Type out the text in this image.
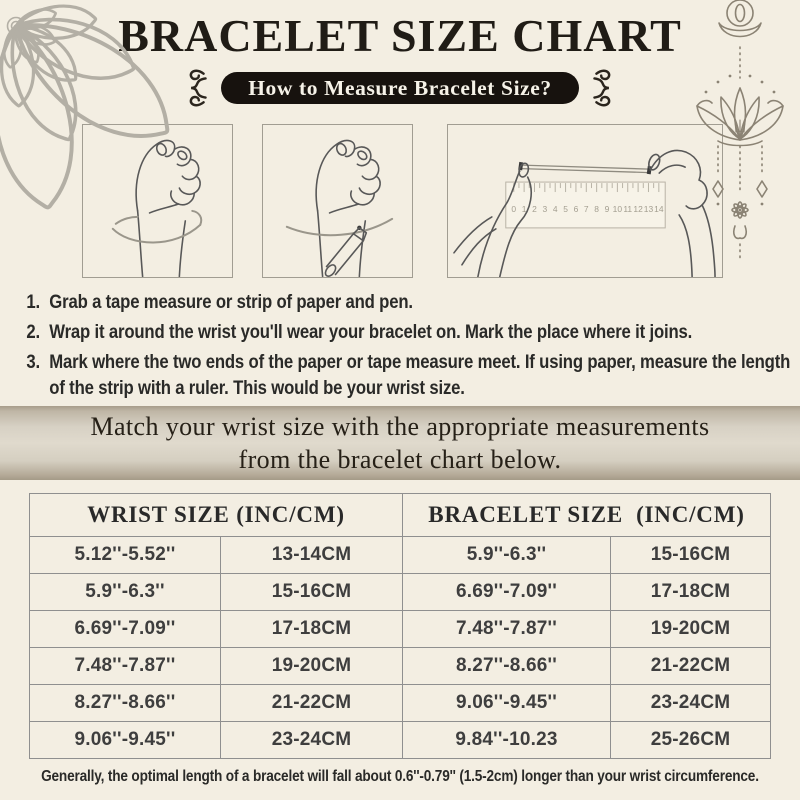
BRACELET SIZE CHART
How to Measure Bracelet Size?
0 1 2 3 4 5 6 7 8 9 10 11 12 13 14
1. Grab a tape measure or strip of paper and pen.
2. Wrap it around the wrist you'll wear your bracelet on. Mark the place where it joins.
3. Mark where the two ends of the paper or tape measure meet. If using paper, measure the length of the strip with a ruler. This would be your wrist size.
Match your wrist size with the appropriate measurements
from the bracelet chart below.
WRIST SIZE (INC/CM)	BRACELET SIZE  (INC/CM)
5.12''-5.52''	13-14CM	5.9''-6.3''	15-16CM
5.9''-6.3''	15-16CM	6.69''-7.09''	17-18CM
6.69''-7.09''	17-18CM	7.48''-7.87''	19-20CM
7.48''-7.87''	19-20CM	8.27''-8.66''	21-22CM
8.27''-8.66''	21-22CM	9.06''-9.45''	23-24CM
9.06''-9.45''	23-24CM	9.84''-10.23	25-26CM
Generally, the optimal length of a bracelet will fall about 0.6''-0.79'' (1.5-2cm) longer than your wrist circumference.
